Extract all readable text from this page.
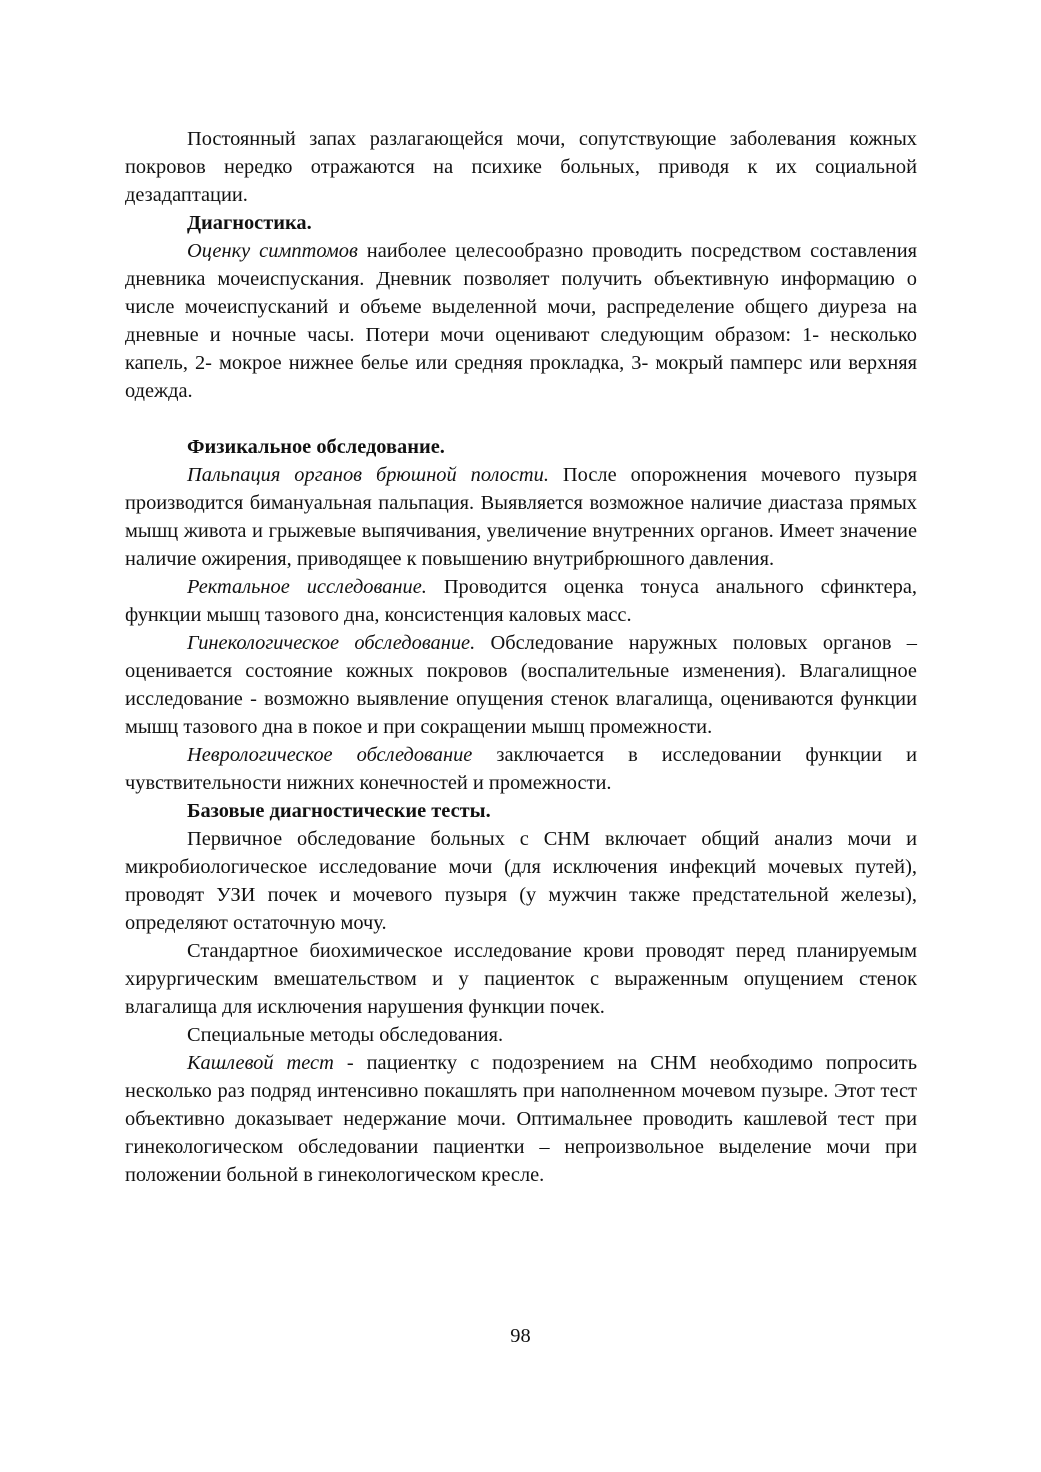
Постоянный запах разлагающейся мочи, сопутствующие заболевания кожных покровов нередко отражаются на психике больных, приводя к их социальной дезадаптации.

Диагностика.

Оценку симптомов наиболее целесообразно проводить посредством составления дневника мочеиспускания. Дневник позволяет получить объективную информацию о числе мочеиспусканий и объеме выделенной мочи, распределение общего диуреза на дневные и ночные часы. Потери мочи оценивают следующим образом: 1- несколько капель, 2- мокрое нижнее белье или средняя прокладка, 3- мокрый памперс или верхняя одежда.

Физикальное обследование.

Пальпация органов брюшной полости. После опорожнения мочевого пузыря производится бимануальная пальпация. Выявляется возможное наличие диастаза прямых мышц живота и грыжевые выпячивания, увеличение внутренних органов. Имеет значение наличие ожирения, приводящее к повышению внутрибрюшного давления.

Ректальное исследование. Проводится оценка тонуса анального сфинктера, функции мышц тазового дна, консистенция каловых масс.

Гинекологическое обследование. Обследование наружных половых органов – оценивается состояние кожных покровов (воспалительные изменения). Влагалищное исследование - возможно выявление опущения стенок влагалища, оцениваются функции мышц тазового дна в покое и при сокращении мышц промежности.

Неврологическое обследование заключается в исследовании функции и чувствительности нижних конечностей и промежности.

Базовые диагностические тесты.

Первичное обследование больных с СНМ включает общий анализ мочи и микробиологическое исследование мочи (для исключения инфекций мочевых путей), проводят УЗИ почек и мочевого пузыря (у мужчин также предстательной железы), определяют остаточную мочу.

Стандартное биохимическое исследование крови проводят перед планируемым хирургическим вмешательством и у пациенток с выраженным опущением стенок влагалища для исключения нарушения функции почек.

Специальные методы обследования.

Кашлевой тест - пациентку с подозрением на СНМ необходимо попросить несколько раз подряд интенсивно покашлять при наполненном мочевом пузыре. Этот тест объективно доказывает недержание мочи. Оптимальнее проводить кашлевой тест при гинекологическом обследовании пациентки – непроизвольное выделение мочи при положении больной в гинекологическом кресле.

98
